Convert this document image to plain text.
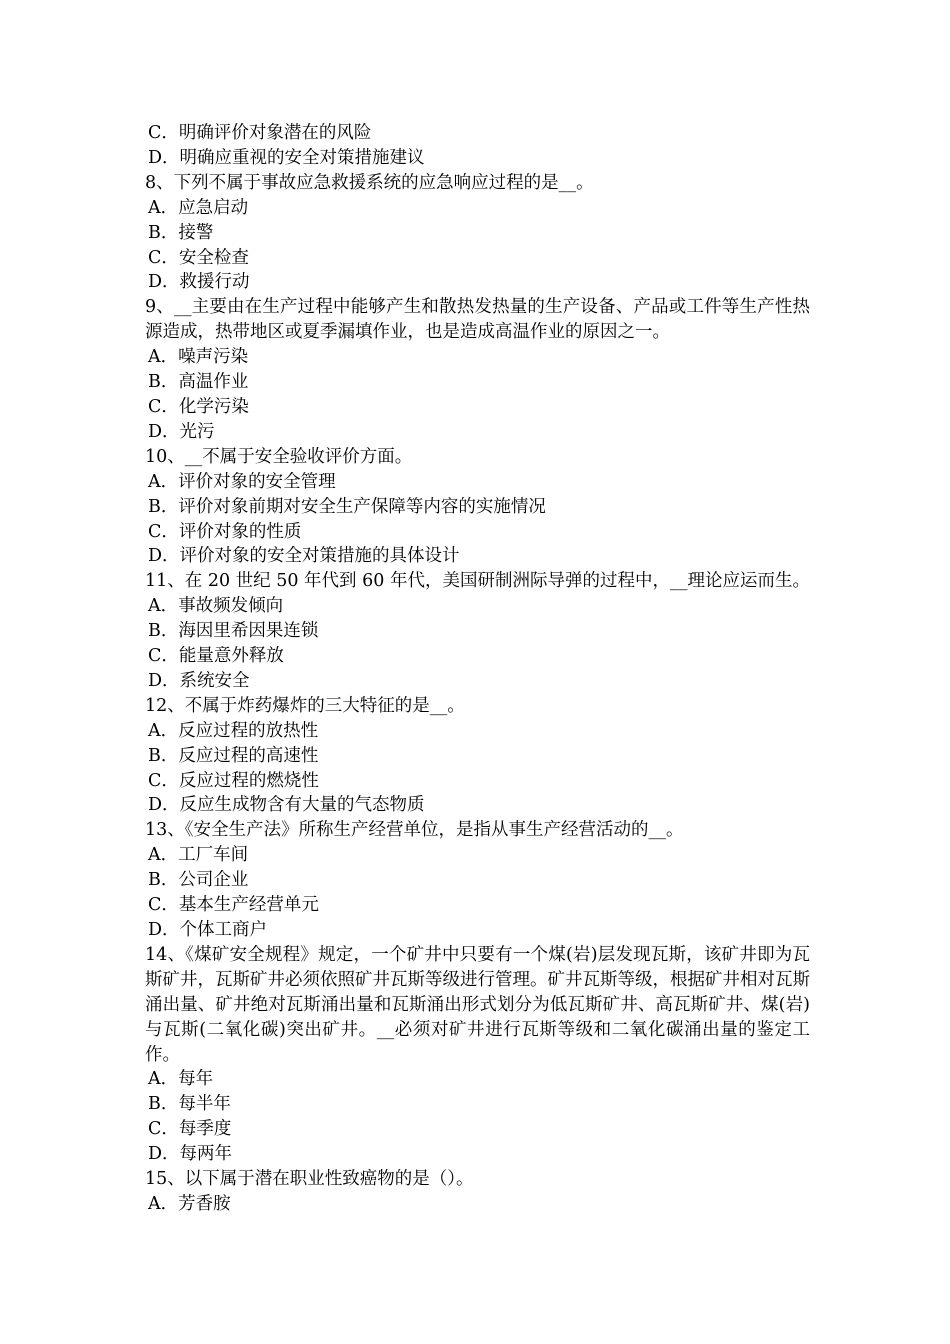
C．明确评价对象潜在的风险
D．明确应重视的安全对策措施建议
8、下列不属于事故应急救援系统的应急响应过程的是__。
A．应急启动
B．接警
C．安全检查
D．救援行动
9、__主要由在生产过程中能够产生和散热发热量的生产设备、产品或工件等生产性热源造成，热带地区或夏季漏填作业，也是造成高温作业的原因之一。
A．噪声污染
B．高温作业
C．化学污染
D．光污
10、__不属于安全验收评价方面。
A．评价对象的安全管理
B．评价对象前期对安全生产保障等内容的实施情况
C．评价对象的性质
D．评价对象的安全对策措施的具体设计
11、在 20 世纪 50 年代到 60 年代，美国研制洲际导弹的过程中，__理论应运而生。
A．事故频发倾向
B．海因里希因果连锁
C．能量意外释放
D．系统安全
12、不属于炸药爆炸的三大特征的是__。
A．反应过程的放热性
B．反应过程的高速性
C．反应过程的燃烧性
D．反应生成物含有大量的气态物质
13、《安全生产法》所称生产经营单位，是指从事生产经营活动的__。
A．工厂车间
B．公司企业
C．基本生产经营单元
D．个体工商户
14、《煤矿安全规程》规定，一个矿井中只要有一个煤(岩)层发现瓦斯，该矿井即为瓦斯矿井，瓦斯矿井必须依照矿井瓦斯等级进行管理。矿井瓦斯等级，根据矿井相对瓦斯涌出量、矿井绝对瓦斯涌出量和瓦斯涌出形式划分为低瓦斯矿井、高瓦斯矿井、煤(岩)与瓦斯(二氧化碳)突出矿井。__必须对矿井进行瓦斯等级和二氧化碳涌出量的鉴定工作。
A．每年
B．每半年
C．每季度
D．每两年
15、以下属于潜在职业性致癌物的是（）。
A．芳香胺
